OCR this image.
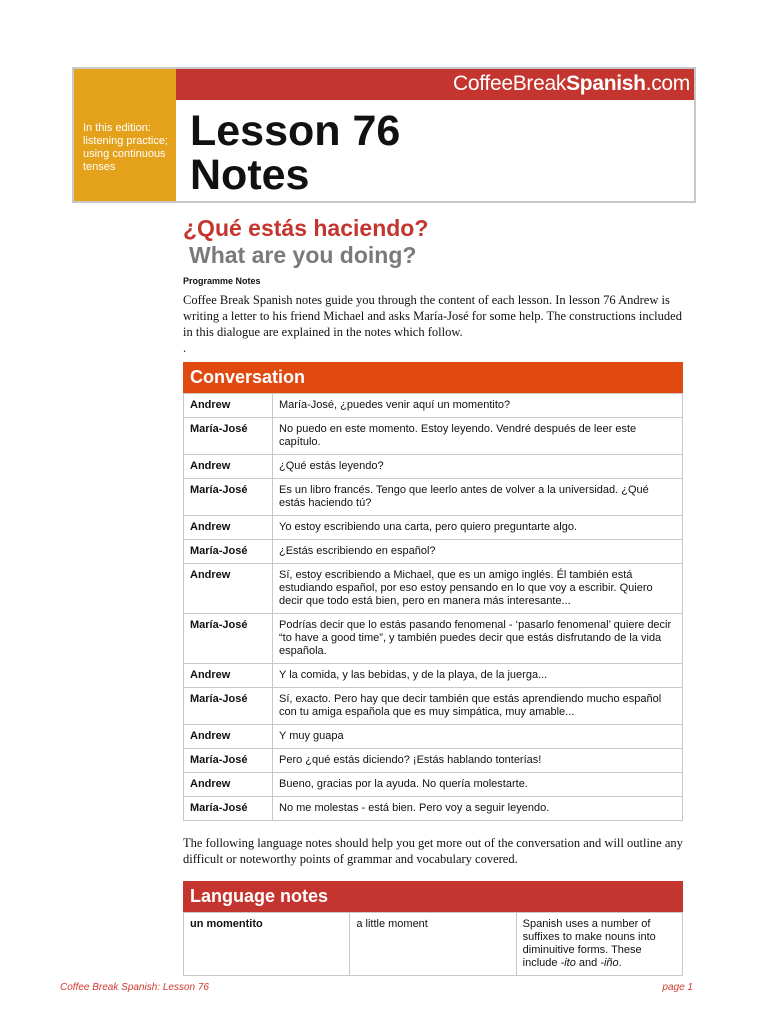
In this edition: listening practice; using continuous tenses
CoffeeBreakSpanish.com
Lesson 76 Notes
¿Qué estás haciendo?
What are you doing?
Programme Notes
Coffee Break Spanish notes guide you through the content of each lesson. In lesson 76 Andrew is writing a letter to his friend Michael and asks María-José for some help. The constructions included in this dialogue are explained in the notes which follow.
.
Conversation
Andrew	María-José, ¿puedes venir aquí un momentito?
María-José	No puedo en este momento. Estoy leyendo. Vendré después de leer este capítulo.
Andrew	¿Qué estás leyendo?
María-José	Es un libro francés. Tengo que leerlo antes de volver a la universidad. ¿Qué estás haciendo tú?
Andrew	Yo estoy escribiendo una carta, pero quiero preguntarte algo.
María-José	¿Estás escribiendo en español?
Andrew	Sí, estoy escribiendo a Michael, que es un amigo inglés. Él también está estudiando español, por eso estoy pensando en lo que voy a escribir. Quiero decir que todo está bien, pero en manera más interesante...
María-José	Podrías decir que lo estás pasando fenomenal - ‘pasarlo fenomenal’ quiere decir “to have a good time”, y también puedes decir que estás disfrutando de la vida española.
Andrew	Y la comida, y las bebidas, y de la playa, de la juerga...
María-José	Sí, exacto. Pero hay que decir también que estás aprendiendo mucho español con tu amiga española que es muy simpática, muy amable...
Andrew	Y muy guapa
María-José	Pero ¿qué estás diciendo? ¡Estás hablando tonterías!
Andrew	Bueno, gracias por la ayuda. No quería molestarte.
María-José	No me molestas - está bien. Pero voy a seguir leyendo.
The following language notes should help you get more out of the conversation and will outline any difficult or noteworthy points of grammar and vocabulary covered.
Language notes
un momentito	a little moment	Spanish uses a number of suffixes to make nouns into diminuitive forms. These include -ito and -iño.
Coffee Break Spanish: Lesson 76	page 1
